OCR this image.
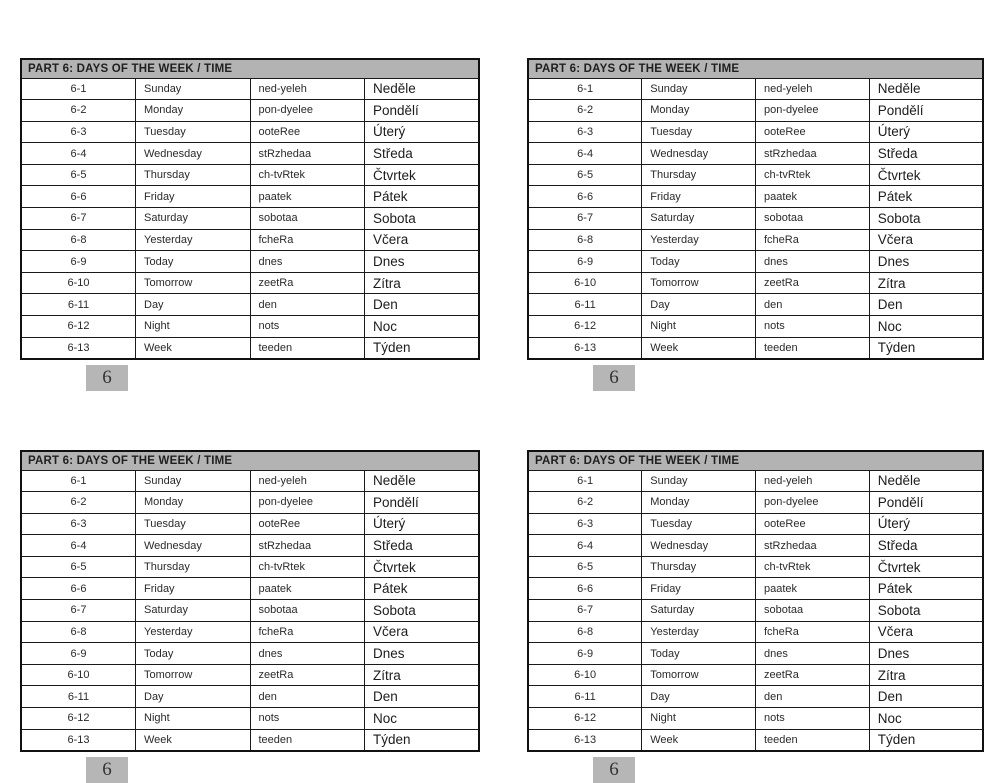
PART 6: DAYS OF THE WEEK / TIME			
6-1	Sunday	ned-yeleh	Neděle
6-2	Monday	pon-dyelee	Pondělí
6-3	Tuesday	ooteRee	Úterý
6-4	Wednesday	stRzhedaa	Středa
6-5	Thursday	ch-tvRtek	Čtvrtek
6-6	Friday	paatek	Pátek
6-7	Saturday	sobotaa	Sobota
6-8	Yesterday	fcheRa	Včera
6-9	Today	dnes	Dnes
6-10	Tomorrow	zeetRa	Zítra
6-11	Day	den	Den
6-12	Night	nots	Noc
6-13	Week	teeden	Týden
6
PART 6: DAYS OF THE WEEK / TIME			
6-1	Sunday	ned-yeleh	Neděle
6-2	Monday	pon-dyelee	Pondělí
6-3	Tuesday	ooteRee	Úterý
6-4	Wednesday	stRzhedaa	Středa
6-5	Thursday	ch-tvRtek	Čtvrtek
6-6	Friday	paatek	Pátek
6-7	Saturday	sobotaa	Sobota
6-8	Yesterday	fcheRa	Včera
6-9	Today	dnes	Dnes
6-10	Tomorrow	zeetRa	Zítra
6-11	Day	den	Den
6-12	Night	nots	Noc
6-13	Week	teeden	Týden
6
PART 6: DAYS OF THE WEEK / TIME			
6-1	Sunday	ned-yeleh	Neděle
6-2	Monday	pon-dyelee	Pondělí
6-3	Tuesday	ooteRee	Úterý
6-4	Wednesday	stRzhedaa	Středa
6-5	Thursday	ch-tvRtek	Čtvrtek
6-6	Friday	paatek	Pátek
6-7	Saturday	sobotaa	Sobota
6-8	Yesterday	fcheRa	Včera
6-9	Today	dnes	Dnes
6-10	Tomorrow	zeetRa	Zítra
6-11	Day	den	Den
6-12	Night	nots	Noc
6-13	Week	teeden	Týden
6
PART 6: DAYS OF THE WEEK / TIME			
6-1	Sunday	ned-yeleh	Neděle
6-2	Monday	pon-dyelee	Pondělí
6-3	Tuesday	ooteRee	Úterý
6-4	Wednesday	stRzhedaa	Středa
6-5	Thursday	ch-tvRtek	Čtvrtek
6-6	Friday	paatek	Pátek
6-7	Saturday	sobotaa	Sobota
6-8	Yesterday	fcheRa	Včera
6-9	Today	dnes	Dnes
6-10	Tomorrow	zeetRa	Zítra
6-11	Day	den	Den
6-12	Night	nots	Noc
6-13	Week	teeden	Týden
6
